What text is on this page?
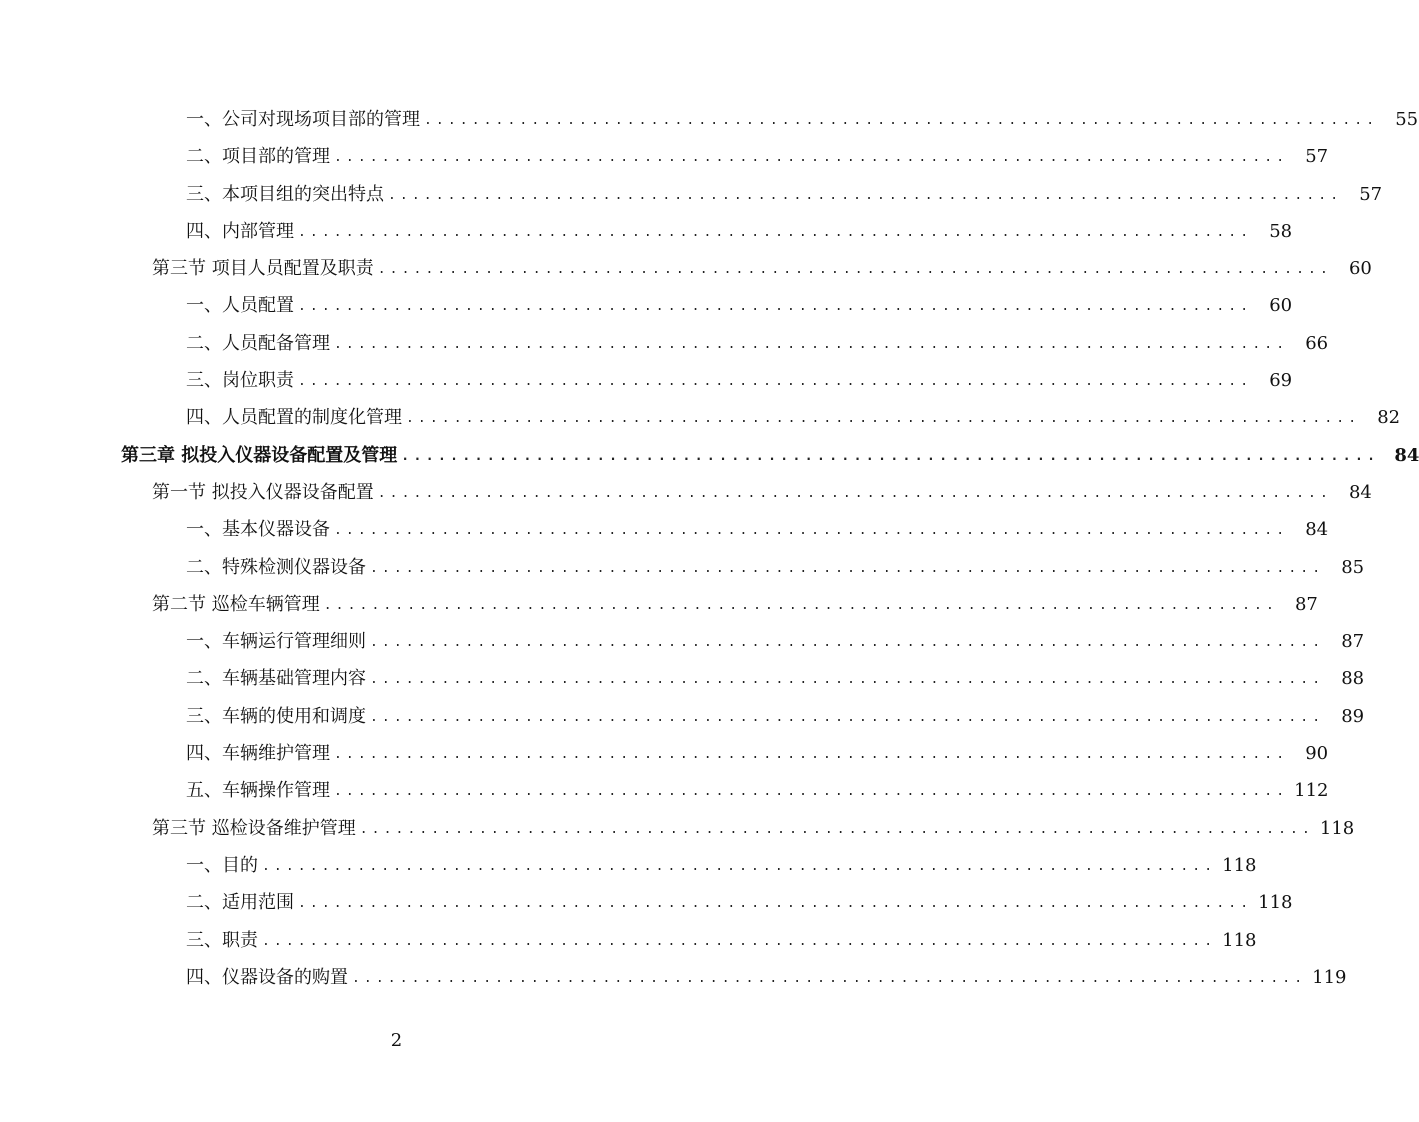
一、公司对现场项目部的管理 ................................................................................ 55
二、项目部的管理 ................................................................................ 57
三、本项目组的突出特点 ................................................................................ 57
四、内部管理 ................................................................................ 58
第三节 项目人员配置及职责 ................................................................................ 60
一、人员配置 ................................................................................ 60
二、人员配备管理 ................................................................................ 66
三、岗位职责 ................................................................................ 69
四、人员配置的制度化管理 ................................................................................ 82
第三章 拟投入仪器设备配置及管理 ................................................................................ 84
第一节 拟投入仪器设备配置 ................................................................................ 84
一、基本仪器设备 ................................................................................ 84
二、特殊检测仪器设备 ................................................................................ 85
第二节 巡检车辆管理 ................................................................................ 87
一、车辆运行管理细则 ................................................................................ 87
二、车辆基础管理内容 ................................................................................ 88
三、车辆的使用和调度 ................................................................................ 89
四、车辆维护管理 ................................................................................ 90
五、车辆操作管理 ................................................................................ 112
第三节 巡检设备维护管理 ................................................................................ 118
一、目的 ................................................................................ 118
二、适用范围 ................................................................................ 118
三、职责 ................................................................................ 118
四、仪器设备的购置 ................................................................................ 119
2
